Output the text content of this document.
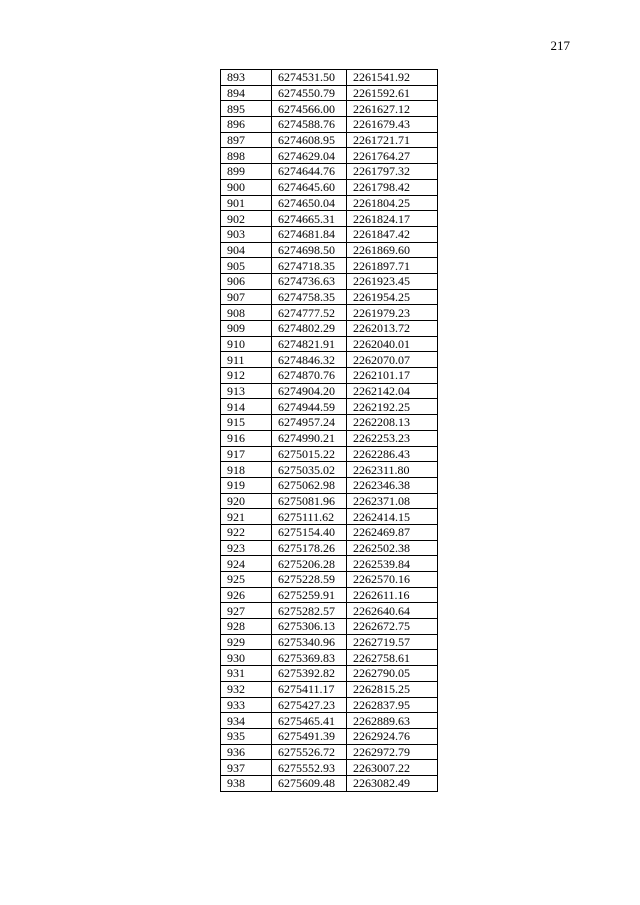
217
893	6274531.50	2261541.92
894	6274550.79	2261592.61
895	6274566.00	2261627.12
896	6274588.76	2261679.43
897	6274608.95	2261721.71
898	6274629.04	2261764.27
899	6274644.76	2261797.32
900	6274645.60	2261798.42
901	6274650.04	2261804.25
902	6274665.31	2261824.17
903	6274681.84	2261847.42
904	6274698.50	2261869.60
905	6274718.35	2261897.71
906	6274736.63	2261923.45
907	6274758.35	2261954.25
908	6274777.52	2261979.23
909	6274802.29	2262013.72
910	6274821.91	2262040.01
911	6274846.32	2262070.07
912	6274870.76	2262101.17
913	6274904.20	2262142.04
914	6274944.59	2262192.25
915	6274957.24	2262208.13
916	6274990.21	2262253.23
917	6275015.22	2262286.43
918	6275035.02	2262311.80
919	6275062.98	2262346.38
920	6275081.96	2262371.08
921	6275111.62	2262414.15
922	6275154.40	2262469.87
923	6275178.26	2262502.38
924	6275206.28	2262539.84
925	6275228.59	2262570.16
926	6275259.91	2262611.16
927	6275282.57	2262640.64
928	6275306.13	2262672.75
929	6275340.96	2262719.57
930	6275369.83	2262758.61
931	6275392.82	2262790.05
932	6275411.17	2262815.25
933	6275427.23	2262837.95
934	6275465.41	2262889.63
935	6275491.39	2262924.76
936	6275526.72	2262972.79
937	6275552.93	2263007.22
938	6275609.48	2263082.49
